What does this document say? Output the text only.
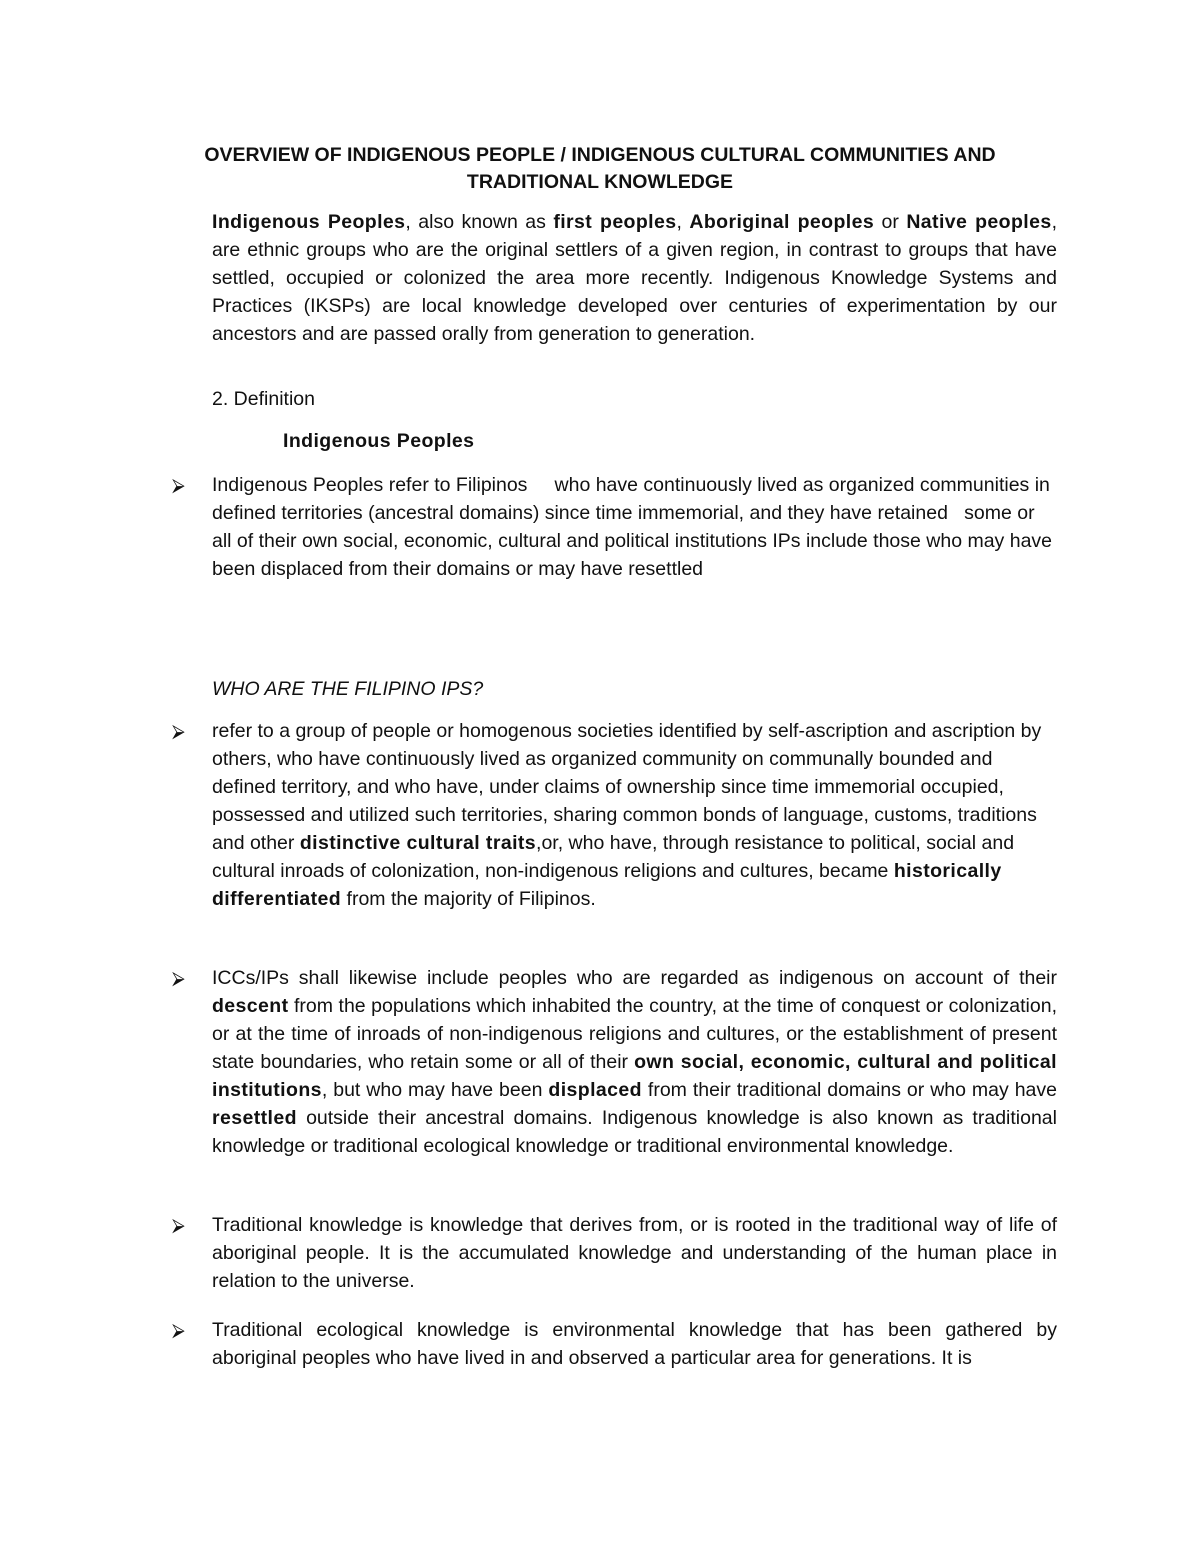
OVERVIEW OF INDIGENOUS PEOPLE / INDIGENOUS CULTURAL COMMUNITIES AND
TRADITIONAL KNOWLEDGE
Indigenous Peoples, also known as first peoples, Aboriginal peoples or Native peoples, are ethnic groups who are the original settlers of a given region, in contrast to groups that have settled, occupied or colonized the area more recently. Indigenous Knowledge Systems and Practices (IKSPs) are local knowledge developed over centuries of experimentation by our ancestors and are passed orally from generation to generation.
2. Definition
Indigenous Peoples
⮚ Indigenous Peoples refer to Filipinos     who have continuously lived as organized communities in defined territories (ancestral domains) since time immemorial, and they have retained   some or all of their own social, economic, cultural and political institutions IPs include those who may have been displaced from their domains or may have resettled
WHO ARE THE FILIPINO IPS?
⮚ refer to a group of people or homogenous societies identified by self-ascription and ascription by others, who have continuously lived as organized community on communally bounded and defined territory, and who have, under claims of ownership since time immemorial occupied, possessed and utilized such territories, sharing common bonds of language, customs, traditions and other distinctive cultural traits,or, who have, through resistance to political, social and cultural inroads of colonization, non-indigenous religions and cultures, became historically differentiated from the majority of Filipinos.
⮚ ICCs/IPs shall likewise include peoples who are regarded as indigenous on account of their descent from the populations which inhabited the country, at the time of conquest or colonization, or at the time of inroads of non-indigenous religions and cultures, or the establishment of present state boundaries, who retain some or all of their own social, economic, cultural and political institutions, but who may have been displaced from their traditional domains or who may have resettled outside their ancestral domains. Indigenous knowledge is also known as traditional knowledge or traditional ecological knowledge or traditional environmental knowledge.
⮚ Traditional knowledge is knowledge that derives from, or is rooted in the traditional way of life of aboriginal people. It is the accumulated knowledge and understanding of the human place in relation to the universe.
⮚ Traditional ecological knowledge is environmental knowledge that has been gathered by aboriginal peoples who have lived in and observed a particular area for generations. It is
